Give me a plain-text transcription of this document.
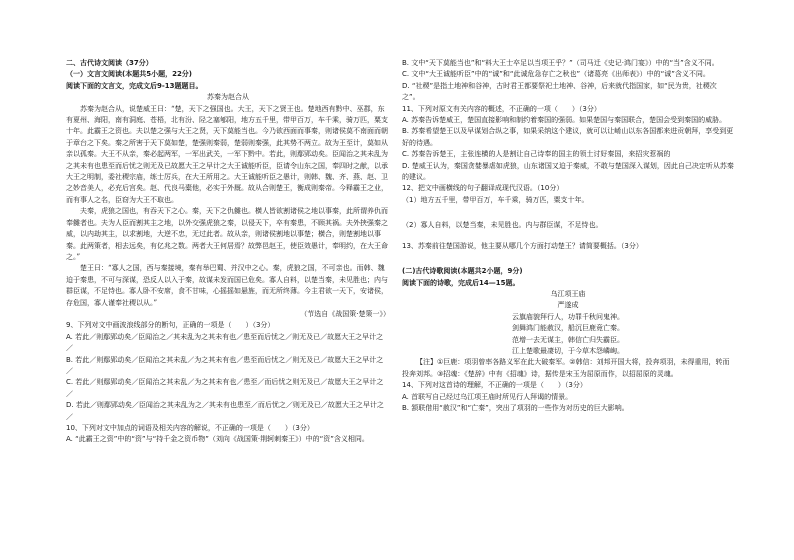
二、古代诗文阅读（37分）

（一）文言文阅读(本题共5小题，22分)

阅读下面的文言文，完成文后9-13题题目。

苏秦为赵合从

苏秦为赵合从，说楚威王曰：“楚，天下之强国也。大王，天下之贤王也。楚地西有黔中、巫郡，东有夏州、海阳，南有洞庭、苍梧，北有汾、陉之塞郇阳，地方五千里，带甲百万，车千乘，骑万匹，粟支十年。此霸王之资也。夫以楚之强与大王之贤，天下莫能当也。今乃欲西面而事秦，则诸侯莫不南面而朝于章台之下矣。秦之所害于天下莫如楚，楚强则秦弱，楚弱则秦强，此其势不两立。故为王至计，莫如从亲以孤秦。大王不从亲，秦必起两军，一军出武关，一军下黔中。若此，则鄢郢动矣。臣闻治之其未乱为之其未有也患至而后忧之则无及已故愿大王之早计之大王诚能听臣，臣请令山东之国，奉四时之献，以承大王之明制，委社稷宗庙，练士厉兵，在大王所用之。大王诚能听臣之愚计，则韩、魏、齐、燕、赵、卫之妙音美人，必充后宫矣。赵、代良马橐他，必实于外厩。故从合则楚王，衡成则秦帝。今释霸王之业，而有事人之名，臣窃为大王不取也。

夫秦，虎狼之国也，有吞天下之心。秦，天下之仇雠也。横人皆欲割诸侯之地以事秦，此所谓养仇而奉雠者也。夫为人臣而割其主之地，以外交强虎狼之秦，以侵天下，卒有秦患，不顾其祸。夫外挟强秦之威，以内劫其主，以求割地，大逆不忠，无过此者。故从亲，则诸侯割地以事楚；横合，则楚割地以事秦。此两策者，相去远矣，有亿兆之数。两者大王何居焉？故弊邑赵王，使臣效愚计，奉明约，在大王命之。”

楚王曰：“寡人之国，西与秦接境，秦有举巴蜀、并汉中之心。秦，虎狼之国，不可亲也。而韩、魏迫于秦患，不可与深谋，恐反人以入于秦，故谋未发而国已危矣。寡人自料，以楚当秦，未见胜也；内与群臣谋，不足恃也。寡人卧不安席，食不甘味，心摇摇如悬旌，而无所终薄。今主君欲一天下，安诸侯，存危国，寡人谨奉社稷以从。”

（节选自《战国策·楚策一》）

9、下列对文中画波浪线部分的断句，正确的一项是（　　）（3分）

A. 若此／则鄢郢动矣／臣闻治之／其未乱为之其未有也／患至而后忧之／则无及已／故愿大王之早计之／

B. 若此／则鄢郢动矣／臣闻治之其未乱／为之其未有也／患至而后忧之／则无及已／故愿大王之早计之／

C. 若此／则鄢郢动矣／臣闻治之其未乱／为之其未有也／患至／而后忧之则无及已／故愿大王之早计之／

D. 若此／则鄢郢动矣／臣闻治之其未乱为之／其未有也患至／而后忧之／则无及已／故愿大王之早计之／

10、下列对文中加点的词语及相关内容的解说，不正确的一项是（　　）（3分）

A. “此霸王之资”中的“资”与“持千金之资币物”（刘向《战国策·荆轲刺秦王》）中的“资”含义相同。

B. 文中“天下莫能当也”和“料大王士卒足以当项王乎？”（司马迁《史记·鸿门宴》）中的“当”含义不同。

C. 文中“大王诚能听臣”中的“诚”和“此诚危急存亡之秋也”（诸葛亮《出师表》）中的“诚”含义不同。

D. “社稷”是指土地神和谷神，古时君王都要祭祀土地神、谷神，后来就代指国家，如“民为贵，社稷次之”。

11、下列对原文有关内容的概述，不正确的一项（　　）（3分）

A. 苏秦告诉楚威王，楚国直接影响和制约着秦国的强弱。如果楚国与秦国联合，楚国会受到秦国的威胁。

B. 苏秦希望楚王以及早谋划合纵之事，如果采纳这个建议，就可以让崤山以东各国都来进贡朝拜，享受到更好的待遇。

C. 苏秦告诉楚王，主张连横的人是割让自己诗奉的国主的领土讨好秦国，来招灾惹祸的

D. 楚威王认为，秦国贪婪暴虐如虎狼，山东诸国又迫于秦威，不敢与楚国深入谋划，因此自己决定听从苏秦的建议。

12、把文中画横线的句子翻译成现代汉语。（10分）

（1）地方五千里，带甲百万，车千乘，骑万匹，粟支十年。

（2）寡人自料，以楚当秦，未见胜也。内与群臣谋，不足恃也。

13、苏秦前往楚国游说，他主要从哪几个方面打动楚王？请简要概括。（3分）

(二)古代诗歌阅读(本题共2小题，9分)

阅读下面的诗歌，完成后14—15题。

乌江项王庙

严遂成

云旗庙貌拜行人，功罪千秋问鬼神。

剑舞鸿门能赦汉，船沉巨鹿竟亡秦。

范增一去无谋主，韩信亡归失霸臣。

江上楚歌最凄切，于今草木怨嶙峋。

【注】①巨鹿：项羽曾率各路义军在此大破秦军。②韩信：刘邦开国大将，投奔项羽，未得重用，转而投奔刘邦。③招魂：《楚辞》中有《招魂》诗，据传是宋玉为屈原而作，以招屈原的灵魂。

14、下列对这首诗的理解，不正确的一项是（　　）（3分）

A. 首联写自己经过乌江项王庙时所见行人拜谒的情景。

B. 颔联借用“赦汉”和“亡秦”，突出了项羽的一些作为对历史的巨大影响。
